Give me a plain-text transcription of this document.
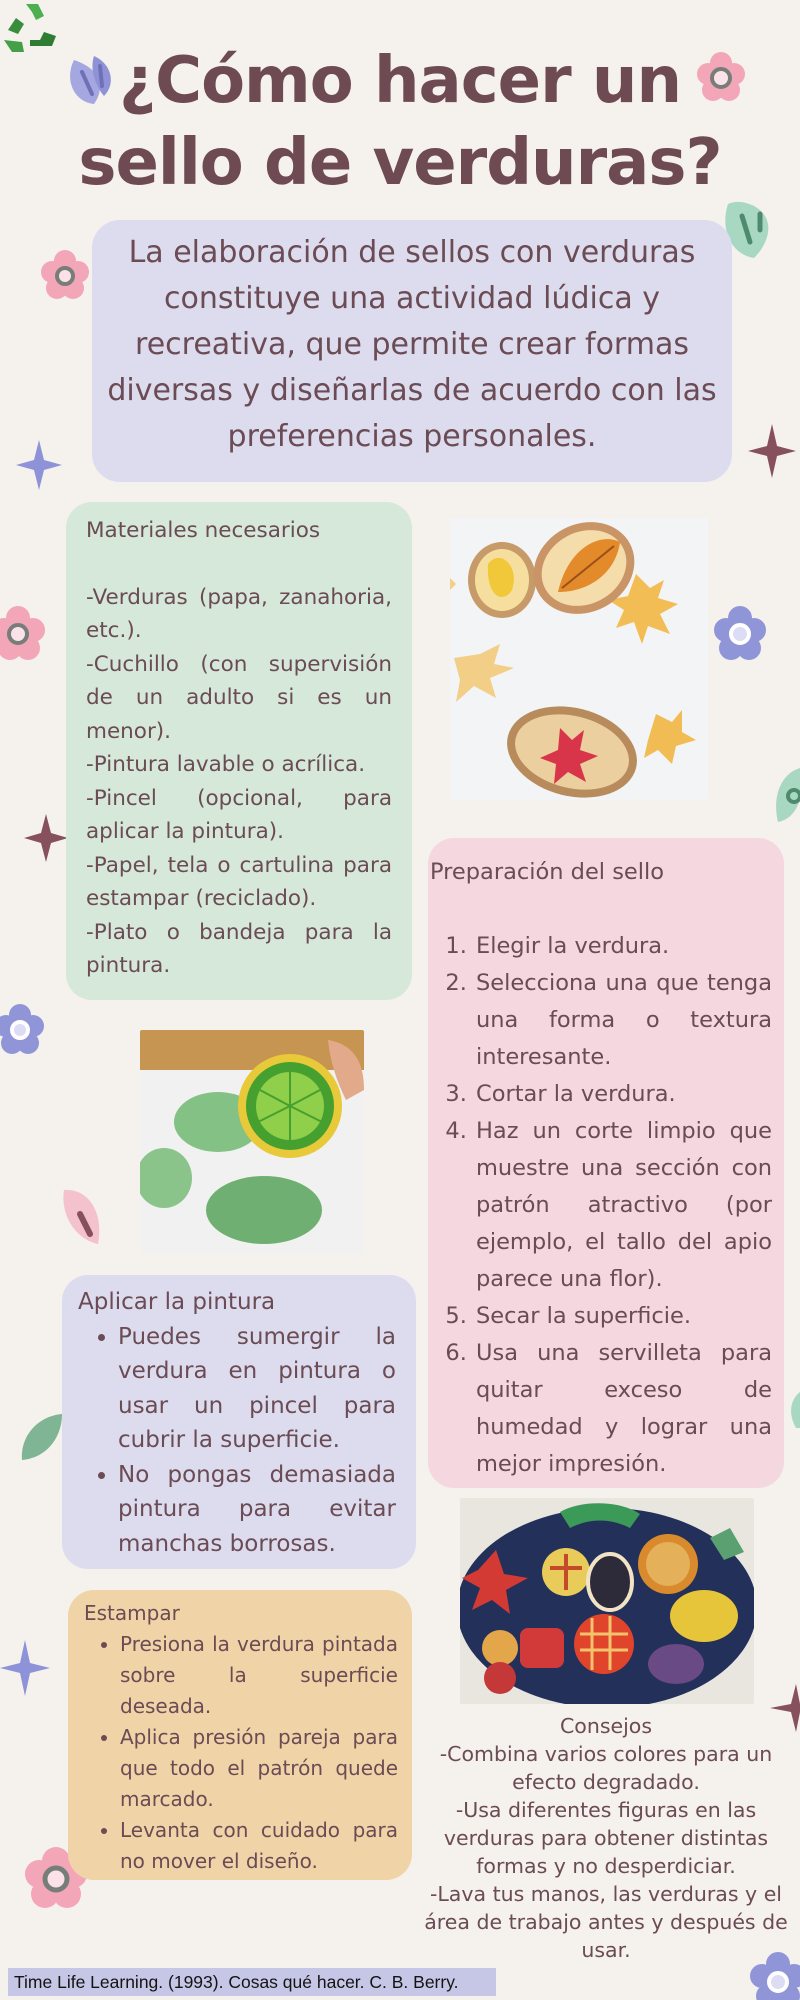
¿Cómo hacer un sello de verduras?
La elaboración de sellos con verduras constituye una actividad lúdica y recreativa, que permite crear formas diversas y diseñarlas de acuerdo con las preferencias personales.
Materiales necesarios
-Verduras (papa, zanahoria, etc.).
-Cuchillo (con supervisión de un adulto si es un menor).
-Pintura lavable o acrílica.
-Pincel (opcional, para aplicar la pintura).
-Papel, tela o cartulina para estampar (reciclado).
-Plato o bandeja para la pintura.
Preparación del sello
1. Elegir la verdura.
2. Selecciona una que tenga una forma o textura interesante.
3. Cortar la verdura.
4. Haz un corte limpio que muestre una sección con patrón atractivo (por ejemplo, el tallo del apio parece una flor).
5. Secar la superficie.
6. Usa una servilleta para quitar exceso de humedad y lograr una mejor impresión.
Aplicar la pintura
• Puedes sumergir la verdura en pintura o usar un pincel para cubrir la superficie.
• No pongas demasiada pintura para evitar manchas borrosas.
Estampar
• Presiona la verdura pintada sobre la superficie deseada.
• Aplica presión pareja para que todo el patrón quede marcado.
• Levanta con cuidado para no mover el diseño.
Consejos
-Combina varios colores para un efecto degradado.
-Usa diferentes figuras en las verduras para obtener distintas formas y no desperdiciar.
-Lava tus manos, las verduras y el área de trabajo antes y después de usar.
Time Life Learning. (1993). Cosas qué hacer. C. B. Berry.
